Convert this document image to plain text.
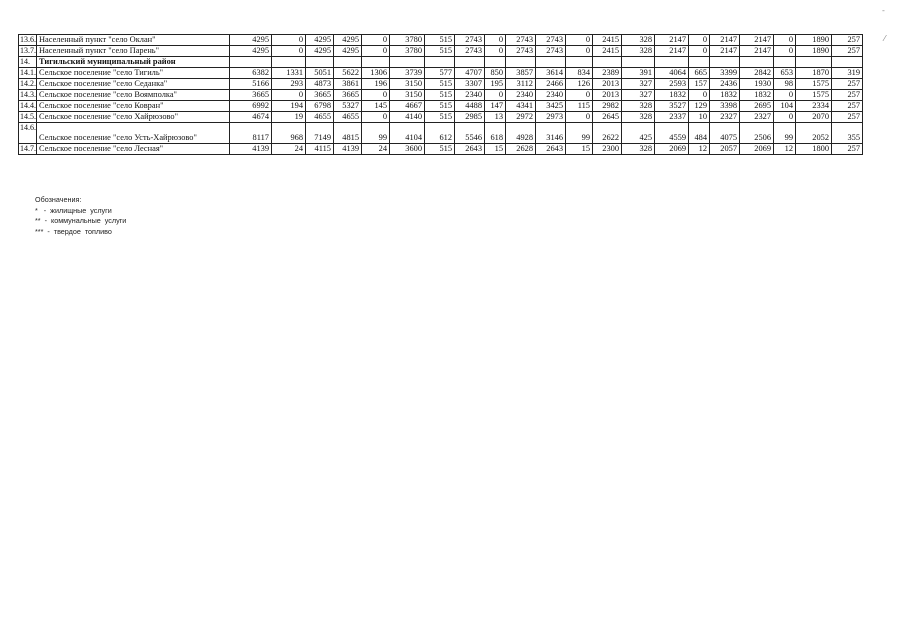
13.6.	Населенный пункт "село Оклан"	4295	0	4295	4295	0	3780	515	2743	0	2743	2743	0	2415	328	2147	0	2147	2147	0	1890	257
13.7.	Населенный пункт "село Парень"	4295	0	4295	4295	0	3780	515	2743	0	2743	2743	0	2415	328	2147	0	2147	2147	0	1890	257
14.	Тигильский муниципальный район																					
14.1.	Сельское поселение "село Тигиль"	6382	1331	5051	5622	1306	3739	577	4707	850	3857	3614	834	2389	391	4064	665	3399	2842	653	1870	319
14.2.	Сельское поселение "село Седанка"	5166	293	4873	3861	196	3150	515	3307	195	3112	2466	126	2013	327	2593	157	2436	1930	98	1575	257
14.3.	Сельское поселение "село Воямполка"	3665	0	3665	3665	0	3150	515	2340	0	2340	2340	0	2013	327	1832	0	1832	1832	0	1575	257
14.4.	Сельское поселение "село Ковран"	6992	194	6798	5327	145	4667	515	4488	147	4341	3425	115	2982	328	3527	129	3398	2695	104	2334	257
14.5.	Сельское поселение "село Хайрюзово"	4674	19	4655	4655	0	4140	515	2985	13	2972	2973	0	2645	328	2337	10	2327	2327	0	2070	257
14.6.	Сельское поселение "село Усть-Хайрюзово"	8117	968	7149	4815	99	4104	612	5546	618	4928	3146	99	2622	425	4559	484	4075	2506	99	2052	355
14.7.	Сельское поселение "село Лесная"	4139	24	4115	4139	24	3600	515	2643	15	2628	2643	15	2300	328	2069	12	2057	2069	12	1800	257
Обозначения:
*   -  жилищные  услуги
**  -  коммунальные  услуги
***  -  твердое  топливо
-
⁄
